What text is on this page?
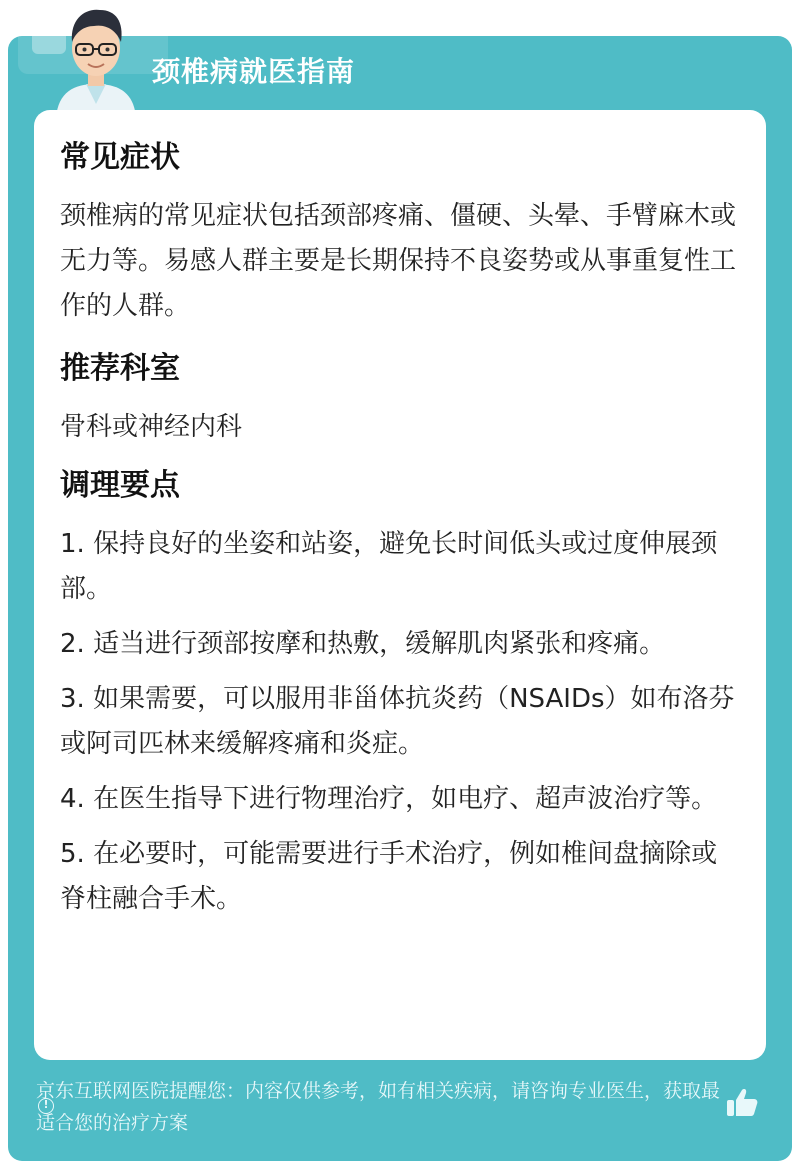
颈椎病就医指南
常见症状

颈椎病的常见症状包括颈部疼痛、僵硬、头晕、手臂麻木或无力等。易感人群主要是长期保持不良姿势或从事重复性工作的人群。

推荐科室

骨科或神经内科

调理要点

1. 保持良好的坐姿和站姿，避免长时间低头或过度伸展颈部。

2. 适当进行颈部按摩和热敷，缓解肌肉紧张和疼痛。

3. 如果需要，可以服用非甾体抗炎药（NSAIDs）如布洛芬或阿司匹林来缓解疼痛和炎症。

4. 在医生指导下进行物理治疗，如电疗、超声波治疗等。

5. 在必要时，可能需要进行手术治疗，例如椎间盘摘除或脊柱融合手术。

!
京东互联网医院提醒您：内容仅供参考，如有相关疾病，请咨询专业医生，获取最适合您的治疗方案
